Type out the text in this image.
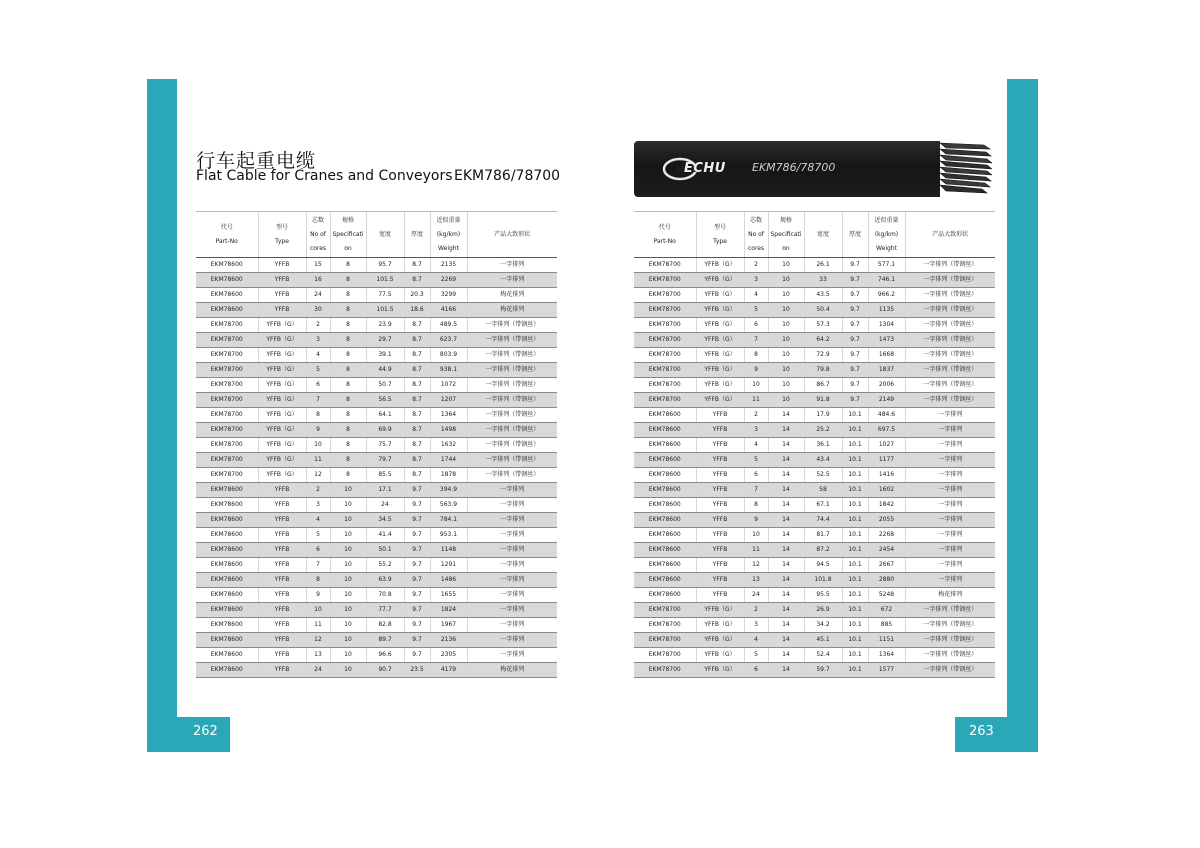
262	263
行车起重电缆
Flat Cable for Cranes and Conveyors EKM786/78700	ECHU EKM786/78700
代号
Part-No	型号
Type	芯数
No of
cores	规格
Specificati
on	宽度	厚度	近似重量
(kg/km)
Weight	产品大致形状

EKM78600	YFFB	15	8	95.7	8.7	2135	一字排列
EKM78600	YFFB	16	8	101.5	8.7	2269	一字排列
EKM78600	YFFB	24	8	77.5	20.3	3299	梅花排列
EKM78600	YFFB	30	8	101.5	18.6	4166	梅花排列
EKM78700	YFFB（G）	2	8	23.9	8.7	489.5	一字排列（带钢丝）
EKM78700	YFFB（G）	3	8	29.7	8.7	623.7	一字排列（带钢丝）
EKM78700	YFFB（G）	4	8	39.1	8.7	803.9	一字排列（带钢丝）
EKM78700	YFFB（G）	5	8	44.9	8.7	938.1	一字排列（带钢丝）
EKM78700	YFFB（G）	6	8	50.7	8.7	1072	一字排列（带钢丝）
EKM78700	YFFB（G）	7	8	56.5	8.7	1207	一字排列（带钢丝）
EKM78700	YFFB（G）	8	8	64.1	8.7	1364	一字排列（带钢丝）
EKM78700	YFFB（G）	9	8	69.9	8.7	1498	一字排列（带钢丝）
EKM78700	YFFB（G）	10	8	75.7	8.7	1632	一字排列（带钢丝）
EKM78700	YFFB（G）	11	8	79.7	8.7	1744	一字排列（带钢丝）
EKM78700	YFFB（G）	12	8	85.5	8.7	1878	一字排列（带钢丝）
EKM78600	YFFB	2	10	17.1	9.7	394.9	一字排列
EKM78600	YFFB	3	10	24	9.7	563.9	一字排列
EKM78600	YFFB	4	10	34.5	9.7	784.1	一字排列
EKM78600	YFFB	5	10	41.4	9.7	953.1	一字排列
EKM78600	YFFB	6	10	50.1	9.7	1148	一字排列
EKM78600	YFFB	7	10	55.2	9.7	1291	一字排列
EKM78600	YFFB	8	10	63.9	9.7	1486	一字排列
EKM78600	YFFB	9	10	70.8	9.7	1655	一字排列
EKM78600	YFFB	10	10	77.7	9.7	1824	一字排列
EKM78600	YFFB	11	10	82.8	9.7	1967	一字排列
EKM78600	YFFB	12	10	89.7	9.7	2136	一字排列
EKM78600	YFFB	13	10	96.6	9.7	2305	一字排列
EKM78600	YFFB	24	10	90.7	23.5	4179	梅花排列
代号
Part-No	型号
Type	芯数
No of
cores	规格
Specificati
on	宽度	厚度	近似重量
(kg/km)
Weight	产品大致形状

EKM78700	YFFB（G）	2	10	26.1	9.7	577.1	一字排列（带钢丝）
EKM78700	YFFB（G）	3	10	33	9.7	746.1	一字排列（带钢丝）
EKM78700	YFFB（G）	4	10	43.5	9.7	966.2	一字排列（带钢丝）
EKM78700	YFFB（G）	5	10	50.4	9.7	1135	一字排列（带钢丝）
EKM78700	YFFB（G）	6	10	57.3	9.7	1304	一字排列（带钢丝）
EKM78700	YFFB（G）	7	10	64.2	9.7	1473	一字排列（带钢丝）
EKM78700	YFFB（G）	8	10	72.9	9.7	1668	一字排列（带钢丝）
EKM78700	YFFB（G）	9	10	79.8	9.7	1837	一字排列（带钢丝）
EKM78700	YFFB（G）	10	10	86.7	9.7	2006	一字排列（带钢丝）
EKM78700	YFFB（G）	11	10	91.8	9.7	2149	一字排列（带钢丝）
EKM78600	YFFB	2	14	17.9	10.1	484.6	一字排列
EKM78600	YFFB	3	14	25.2	10.1	697.5	一字排列
EKM78600	YFFB	4	14	36.1	10.1	1027	一字排列
EKM78600	YFFB	5	14	43.4	10.1	1177	一字排列
EKM78600	YFFB	6	14	52.5	10.1	1416	一字排列
EKM78600	YFFB	7	14	58	10.1	1602	一字排列
EKM78600	YFFB	8	14	67.1	10.1	1842	一字排列
EKM78600	YFFB	9	14	74.4	10.1	2055	一字排列
EKM78600	YFFB	10	14	81.7	10.1	2268	一字排列
EKM78600	YFFB	11	14	87.2	10.1	2454	一字排列
EKM78600	YFFB	12	14	94.5	10.1	2667	一字排列
EKM78600	YFFB	13	14	101.8	10.1	2880	一字排列
EKM78600	YFFB	24	14	95.5	10.1	5248	梅花排列
EKM78700	YFFB（G）	2	14	26.9	10.1	672	一字排列（带钢丝）
EKM78700	YFFB（G）	3	14	34.2	10.1	885	一字排列（带钢丝）
EKM78700	YFFB（G）	4	14	45.1	10.1	1151	一字排列（带钢丝）
EKM78700	YFFB（G）	5	14	52.4	10.1	1364	一字排列（带钢丝）
EKM78700	YFFB（G）	6	14	59.7	10.1	1577	一字排列（带钢丝）
